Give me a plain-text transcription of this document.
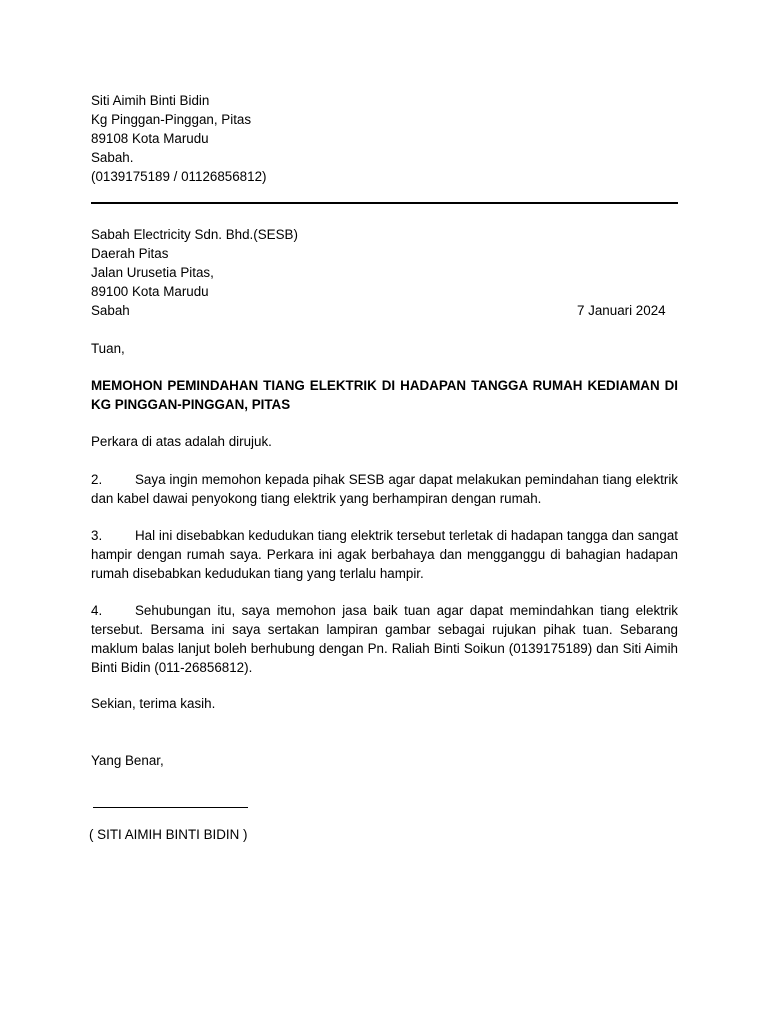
Siti Aimih Binti Bidin
Kg Pinggan-Pinggan, Pitas
89108 Kota Marudu
Sabah.
(0139175189 / 01126856812)
Sabah Electricity Sdn. Bhd.(SESB)
Daerah Pitas
Jalan Urusetia Pitas,
89100 Kota Marudu
Sabah	7 Januari 2024
Tuan,
MEMOHON PEMINDAHAN TIANG ELEKTRIK DI HADAPAN TANGGA RUMAH KEDIAMAN DI KG PINGGAN-PINGGAN, PITAS
Perkara di atas adalah dirujuk.
2. Saya ingin memohon kepada pihak SESB agar dapat melakukan pemindahan tiang elektrik dan kabel dawai penyokong tiang elektrik yang berhampiran dengan rumah.
3. Hal ini disebabkan kedudukan tiang elektrik tersebut terletak di hadapan tangga dan sangat hampir dengan rumah saya. Perkara ini agak berbahaya dan mengganggu di bahagian hadapan rumah disebabkan kedudukan tiang yang terlalu hampir.
4. Sehubungan itu, saya memohon jasa baik tuan agar dapat memindahkan tiang elektrik tersebut. Bersama ini saya sertakan lampiran gambar sebagai rujukan pihak tuan. Sebarang maklum balas lanjut boleh berhubung dengan Pn. Raliah Binti Soikun (0139175189) dan Siti Aimih Binti Bidin (011-26856812).
Sekian, terima kasih.
Yang Benar,
( SITI AIMIH BINTI BIDIN )
